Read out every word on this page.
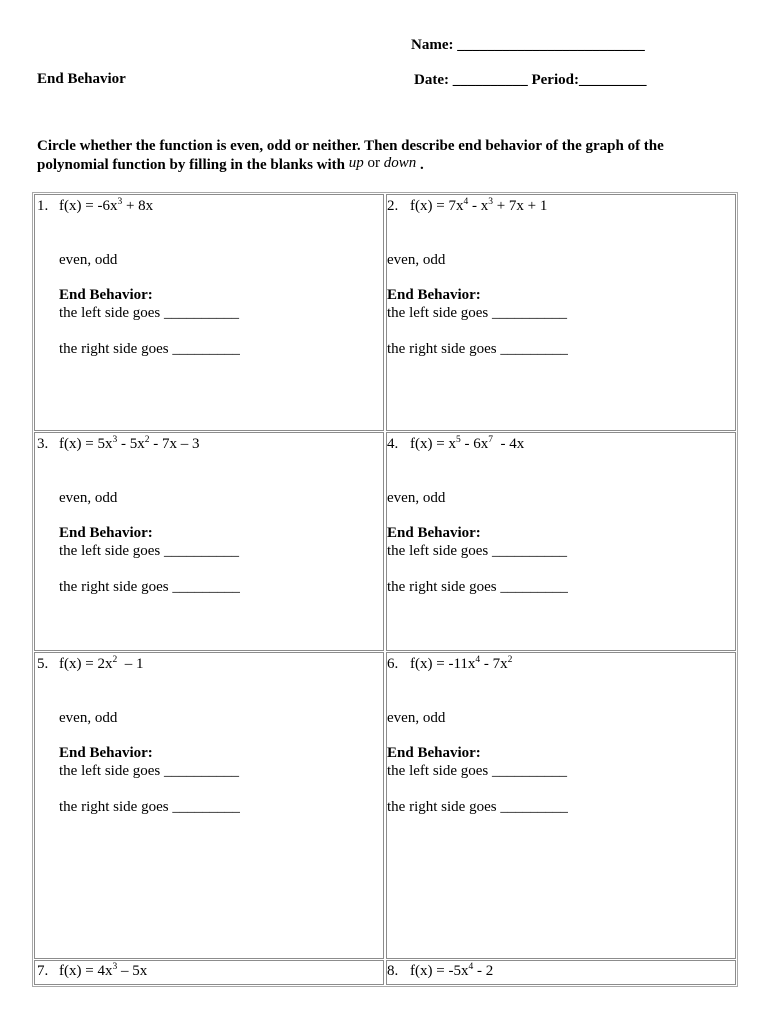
Name: _________________________
End Behavior	Date: __________ Period:_________
Circle whether the function is even, odd or neither. Then describe end behavior of the graph of the
polynomial function by filling in the blanks with up or down .
1. $f(x) = -6x^3 + 8x$
even, odd
End Behavior:
the left side goes __________
the right side goes _________
2. $f(x) = 7x^4 - x^3 + 7x + 1$
even, odd
End Behavior:
the left side goes __________
the right side goes _________
3. $f(x) = 5x^3 - 5x^2 - 7x - 3$
even, odd
End Behavior:
the left side goes __________
the right side goes _________
4. $f(x) = x^5 - 6x^7 - 4x$
even, odd
End Behavior:
the left side goes __________
the right side goes _________
5. $f(x) = 2x^2 - 1$
even, odd
End Behavior:
the left side goes __________
the right side goes _________
6. $f(x) = -11x^4 - 7x^2$
even, odd
End Behavior:
the left side goes __________
the right side goes _________
7. $f(x) = 4x^3 - 5x$	8. $f(x) = -5x^4 - 2$
